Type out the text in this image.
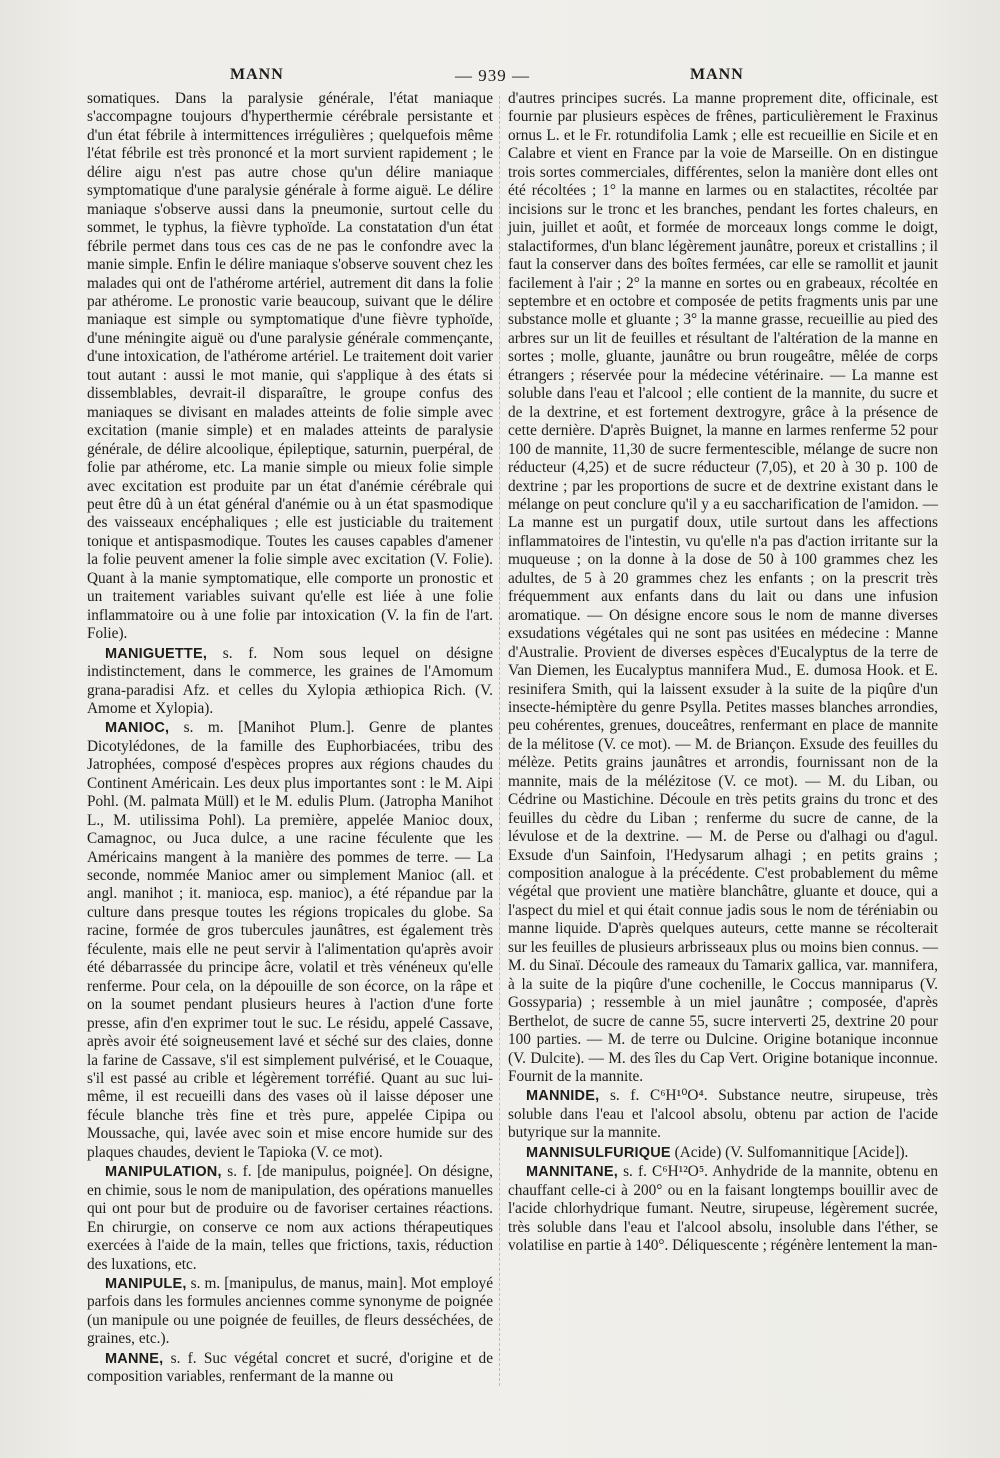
MANN	— 939 —	MANN

somatiques. Dans la paralysie générale, l'état maniaque s'accompagne toujours d'hyperthermie cérébrale persistante et d'un état fébrile à intermittences irrégulières ; quelquefois même l'état fébrile est très prononcé et la mort survient rapidement ; le délire aigu n'est pas autre chose qu'un délire maniaque symptomatique d'une paralysie générale à forme aiguë. Le délire maniaque s'observe aussi dans la pneumonie, surtout celle du sommet, le typhus, la fièvre typhoïde. La constatation d'un état fébrile permet dans tous ces cas de ne pas le confondre avec la manie simple. Enfin le délire maniaque s'observe souvent chez les malades qui ont de l'athérome artériel, autrement dit dans la folie par athérome. Le pronostic varie beaucoup, suivant que le délire maniaque est simple ou symptomatique d'une fièvre typhoïde, d'une méningite aiguë ou d'une paralysie générale commençante, d'une intoxication, de l'athérome artériel. Le traitement doit varier tout autant : aussi le mot manie, qui s'applique à des états si dissemblables, devrait-il disparaître, le groupe confus des maniaques se divisant en malades atteints de folie simple avec excitation (manie simple) et en malades atteints de paralysie générale, de délire alcoolique, épileptique, saturnin, puerpéral, de folie par athérome, etc. La manie simple ou mieux folie simple avec excitation est produite par un état d'anémie cérébrale qui peut être dû à un état général d'anémie ou à un état spasmodique des vaisseaux encéphaliques ; elle est justiciable du traitement tonique et antispasmodique. Toutes les causes capables d'amener la folie peuvent amener la folie simple avec excitation (V. Folie). Quant à la manie symptomatique, elle comporte un pronostic et un traitement variables suivant qu'elle est liée à une folie inflammatoire ou à une folie par intoxication (V. la fin de l'art. Folie).

MANIGUETTE, s. f. Nom sous lequel on désigne indistinctement, dans le commerce, les graines de l'Amomum grana-paradisi Afz. et celles du Xylopia æthiopica Rich. (V. Amome et Xylopia).

MANIOC, s. m. [Manihot Plum.]. Genre de plantes Dicotylédones, de la famille des Euphorbiacées, tribu des Jatrophées, composé d'espèces propres aux régions chaudes du Continent Américain. Les deux plus importantes sont : le M. Aipi Pohl. (M. palmata Müll) et le M. edulis Plum. (Jatropha Manihot L., M. utilissima Pohl). La première, appelée Manioc doux, Camagnoc, ou Juca dulce, a une racine féculente que les Américains mangent à la manière des pommes de terre. — La seconde, nommée Manioc amer ou simplement Manioc (all. et angl. manihot ; it. manioca, esp. manioc), a été répandue par la culture dans presque toutes les régions tropicales du globe. Sa racine, formée de gros tubercules jaunâtres, est également très féculente, mais elle ne peut servir à l'alimentation qu'après avoir été débarrassée du principe âcre, volatil et très vénéneux qu'elle renferme. Pour cela, on la dépouille de son écorce, on la râpe et on la soumet pendant plusieurs heures à l'action d'une forte presse, afin d'en exprimer tout le suc. Le résidu, appelé Cassave, après avoir été soigneusement lavé et séché sur des claies, donne la farine de Cassave, s'il est simplement pulvérisé, et le Couaque, s'il est passé au crible et légèrement torréfié. Quant au suc lui-même, il est recueilli dans des vases où il laisse déposer une fécule blanche très fine et très pure, appelée Cipipa ou Moussache, qui, lavée avec soin et mise encore humide sur des plaques chaudes, devient le Tapioka (V. ce mot).

MANIPULATION, s. f. [de manipulus, poignée]. On désigne, en chimie, sous le nom de manipulation, des opérations manuelles qui ont pour but de produire ou de favoriser certaines réactions. En chirurgie, on conserve ce nom aux actions thérapeutiques exercées à l'aide de la main, telles que frictions, taxis, réduction des luxations, etc.

MANIPULE, s. m. [manipulus, de manus, main]. Mot employé parfois dans les formules anciennes comme synonyme de poignée (un manipule ou une poignée de feuilles, de fleurs desséchées, de graines, etc.).

MANNE, s. f. Suc végétal concret et sucré, d'origine et de composition variables, renfermant de la manne ou

d'autres principes sucrés. La manne proprement dite, officinale, est fournie par plusieurs espèces de frênes, particulièrement le Fraxinus ornus L. et le Fr. rotundifolia Lamk ; elle est recueillie en Sicile et en Calabre et vient en France par la voie de Marseille. On en distingue trois sortes commerciales, différentes, selon la manière dont elles ont été récoltées ; 1° la manne en larmes ou en stalactites, récoltée par incisions sur le tronc et les branches, pendant les fortes chaleurs, en juin, juillet et août, et formée de morceaux longs comme le doigt, stalactiformes, d'un blanc légèrement jaunâtre, poreux et cristallins ; il faut la conserver dans des boîtes fermées, car elle se ramollit et jaunit facilement à l'air ; 2° la manne en sortes ou en grabeaux, récoltée en septembre et en octobre et composée de petits fragments unis par une substance molle et gluante ; 3° la manne grasse, recueillie au pied des arbres sur un lit de feuilles et résultant de l'altération de la manne en sortes ; molle, gluante, jaunâtre ou brun rougeâtre, mêlée de corps étrangers ; réservée pour la médecine vétérinaire. — La manne est soluble dans l'eau et l'alcool ; elle contient de la mannite, du sucre et de la dextrine, et est fortement dextrogyre, grâce à la présence de cette dernière. D'après Buignet, la manne en larmes renferme 52 pour 100 de mannite, 11,30 de sucre fermentescible, mélange de sucre non réducteur (4,25) et de sucre réducteur (7,05), et 20 à 30 p. 100 de dextrine ; par les proportions de sucre et de dextrine existant dans le mélange on peut conclure qu'il y a eu saccharification de l'amidon. — La manne est un purgatif doux, utile surtout dans les affections inflammatoires de l'intestin, vu qu'elle n'a pas d'action irritante sur la muqueuse ; on la donne à la dose de 50 à 100 grammes chez les adultes, de 5 à 20 grammes chez les enfants ; on la prescrit très fréquemment aux enfants dans du lait ou dans une infusion aromatique. — On désigne encore sous le nom de manne diverses exsudations végétales qui ne sont pas usitées en médecine : Manne d'Australie. Provient de diverses espèces d'Eucalyptus de la terre de Van Diemen, les Eucalyptus mannifera Mud., E. dumosa Hook. et E. resinifera Smith, qui la laissent exsuder à la suite de la piqûre d'un insecte-hémiptère du genre Psylla. Petites masses blanches arrondies, peu cohérentes, grenues, douceâtres, renfermant en place de mannite de la mélitose (V. ce mot). — M. de Briançon. Exsude des feuilles du mélèze. Petits grains jaunâtres et arrondis, fournissant non de la mannite, mais de la mélézitose (V. ce mot). — M. du Liban, ou Cédrine ou Mastichine. Découle en très petits grains du tronc et des feuilles du cèdre du Liban ; renferme du sucre de canne, de la lévulose et de la dextrine. — M. de Perse ou d'alhagi ou d'agul. Exsude d'un Sainfoin, l'Hedysarum alhagi ; en petits grains ; composition analogue à la précédente. C'est probablement du même végétal que provient une matière blanchâtre, gluante et douce, qui a l'aspect du miel et qui était connue jadis sous le nom de téréniabin ou manne liquide. D'après quelques auteurs, cette manne se récolterait sur les feuilles de plusieurs arbrisseaux plus ou moins bien connus. — M. du Sinaï. Découle des rameaux du Tamarix gallica, var. mannifera, à la suite de la piqûre d'une cochenille, le Coccus manniparus (V. Gossyparia) ; ressemble à un miel jaunâtre ; composée, d'après Berthelot, de sucre de canne 55, sucre interverti 25, dextrine 20 pour 100 parties. — M. de terre ou Dulcine. Origine botanique inconnue (V. Dulcite). — M. des îles du Cap Vert. Origine botanique inconnue. Fournit de la mannite.

MANNIDE, s. f. C⁶H¹⁰O⁴. Substance neutre, sirupeuse, très soluble dans l'eau et l'alcool absolu, obtenu par action de l'acide butyrique sur la mannite.

MANNISULFURIQUE (Acide) (V. Sulfomannitique [Acide]).

MANNITANE, s. f. C⁶H¹²O⁵. Anhydride de la mannite, obtenu en chauffant celle-ci à 200° ou en la faisant longtemps bouillir avec de l'acide chlorhydrique fumant. Neutre, sirupeuse, légèrement sucrée, très soluble dans l'eau et l'alcool absolu, insoluble dans l'éther, se volatilise en partie à 140°. Déliquescente ; régénère lentement la man-
